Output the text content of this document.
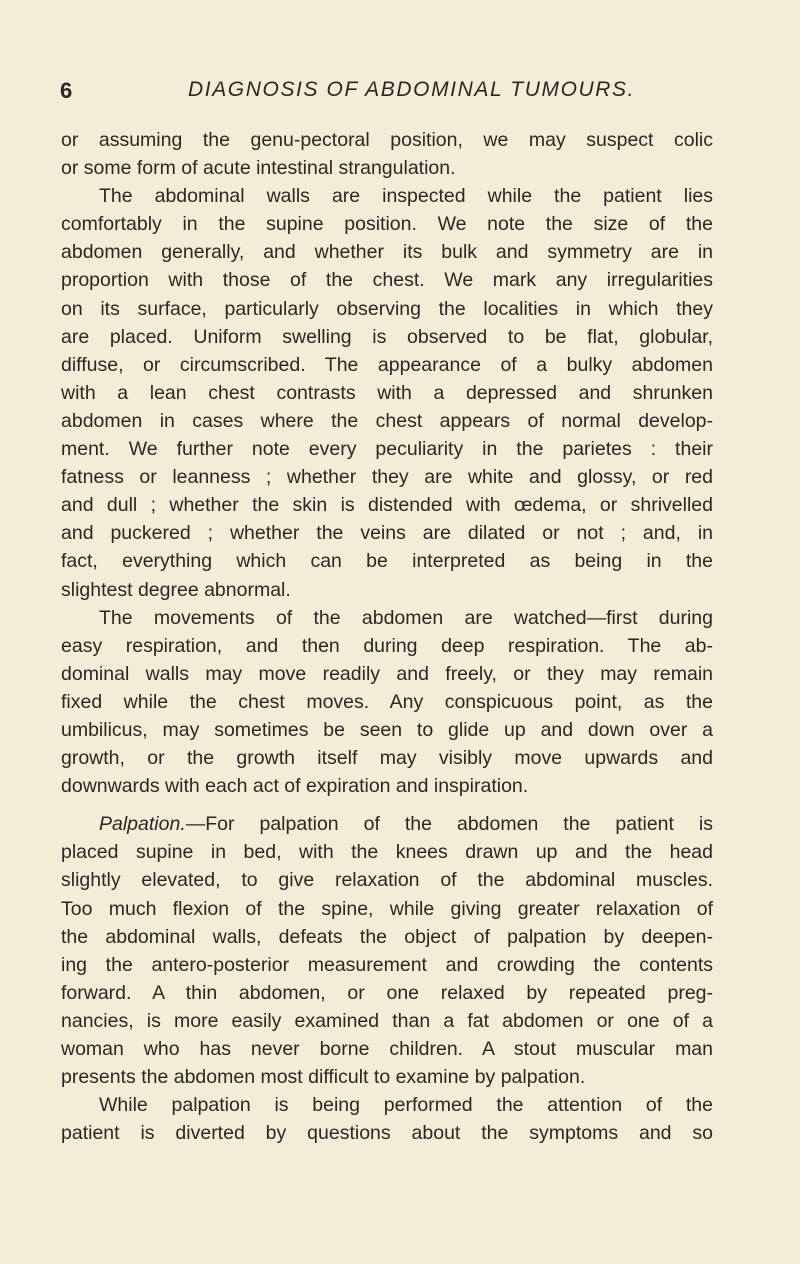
6	DIAGNOSIS OF ABDOMINAL TUMOURS.
or assuming the genu-pectoral position, we may suspect colic
or some form of acute intestinal strangulation.
The abdominal walls are inspected while the patient lies
comfortably in the supine position. We note the size of the
abdomen generally, and whether its bulk and symmetry are in
proportion with those of the chest. We mark any irregularities
on its surface, particularly observing the localities in which they
are placed. Uniform swelling is observed to be flat, globular,
diffuse, or circumscribed. The appearance of a bulky abdomen
with a lean chest contrasts with a depressed and shrunken
abdomen in cases where the chest appears of normal develop-
ment. We further note every peculiarity in the parietes : their
fatness or leanness ; whether they are white and glossy, or red
and dull ; whether the skin is distended with œdema, or shrivelled
and puckered ; whether the veins are dilated or not ; and, in
fact, everything which can be interpreted as being in the
slightest degree abnormal.
The movements of the abdomen are watched—first during
easy respiration, and then during deep respiration. The ab-
dominal walls may move readily and freely, or they may remain
fixed while the chest moves. Any conspicuous point, as the
umbilicus, may sometimes be seen to glide up and down over a
growth, or the growth itself may visibly move upwards and
downwards with each act of expiration and inspiration.
Palpation.—For palpation of the abdomen the patient is
placed supine in bed, with the knees drawn up and the head
slightly elevated, to give relaxation of the abdominal muscles.
Too much flexion of the spine, while giving greater relaxation of
the abdominal walls, defeats the object of palpation by deepen-
ing the antero-posterior measurement and crowding the contents
forward. A thin abdomen, or one relaxed by repeated preg-
nancies, is more easily examined than a fat abdomen or one of a
woman who has never borne children. A stout muscular man
presents the abdomen most difficult to examine by palpation.
While palpation is being performed the attention of the
patient is diverted by questions about the symptoms and so
